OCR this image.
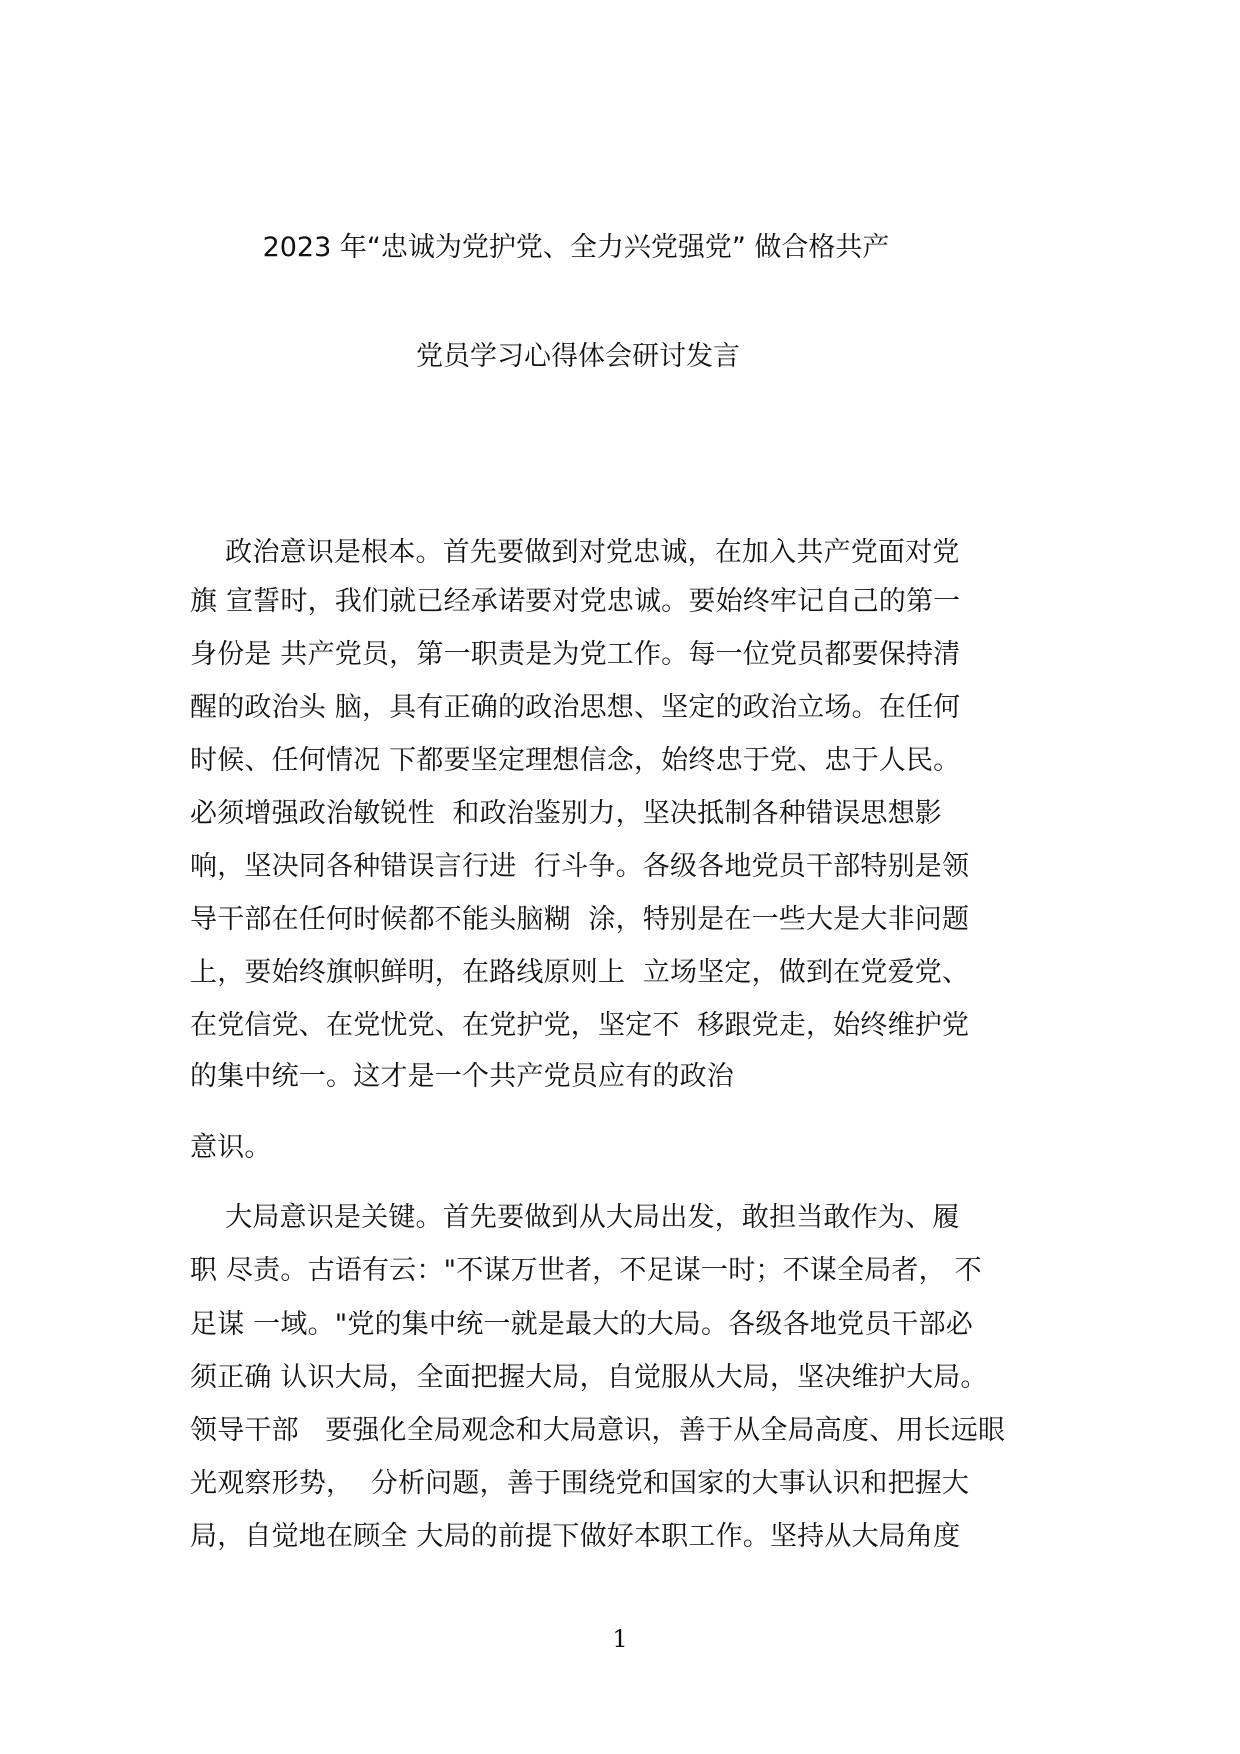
2023 年“忠诚为党护党、全力兴党强党” 做合格共产
党员学习心得体会研讨发言
政治意识是根本。首先要做到对党忠诚，在加入共产党面对党
旗 宣誓时，我们就已经承诺要对党忠诚。要始终牢记自己的第一
身份是 共产党员，第一职责是为党工作。每一位党员都要保持清
醒的政治头 脑，具有正确的政治思想、坚定的政治立场。在任何
时候、任何情况 下都要坚定理想信念，始终忠于党、忠于人民。
必须增强政治敏锐性  和政治鉴别力，坚决抵制各种错误思想影
响，坚决同各种错误言行进  行斗争。各级各地党员干部特别是领
导干部在任何时候都不能头脑糊  涂，特别是在一些大是大非问题
上，要始终旗帜鲜明，在路线原则上  立场坚定，做到在党爱党、
在党信党、在党忧党、在党护党，坚定不  移跟党走，始终维护党
的集中统一。这才是一个共产党员应有的政治
意识。
大局意识是关键。首先要做到从大局出发，敢担当敢作为、履
职 尽责。古语有云："不谋万世者，不足谋一时；不谋全局者， 不
足谋 一域。"党的集中统一就是最大的大局。各级各地党员干部必
须正确 认识大局，全面把握大局，自觉服从大局，坚决维护大局。
领导干部   要强化全局观念和大局意识，善于从全局高度、用长远眼
光观察形势，  分析问题，善于围绕党和国家的大事认识和把握大
局，自觉地在顾全 大局的前提下做好本职工作。坚持从大局角度
1
